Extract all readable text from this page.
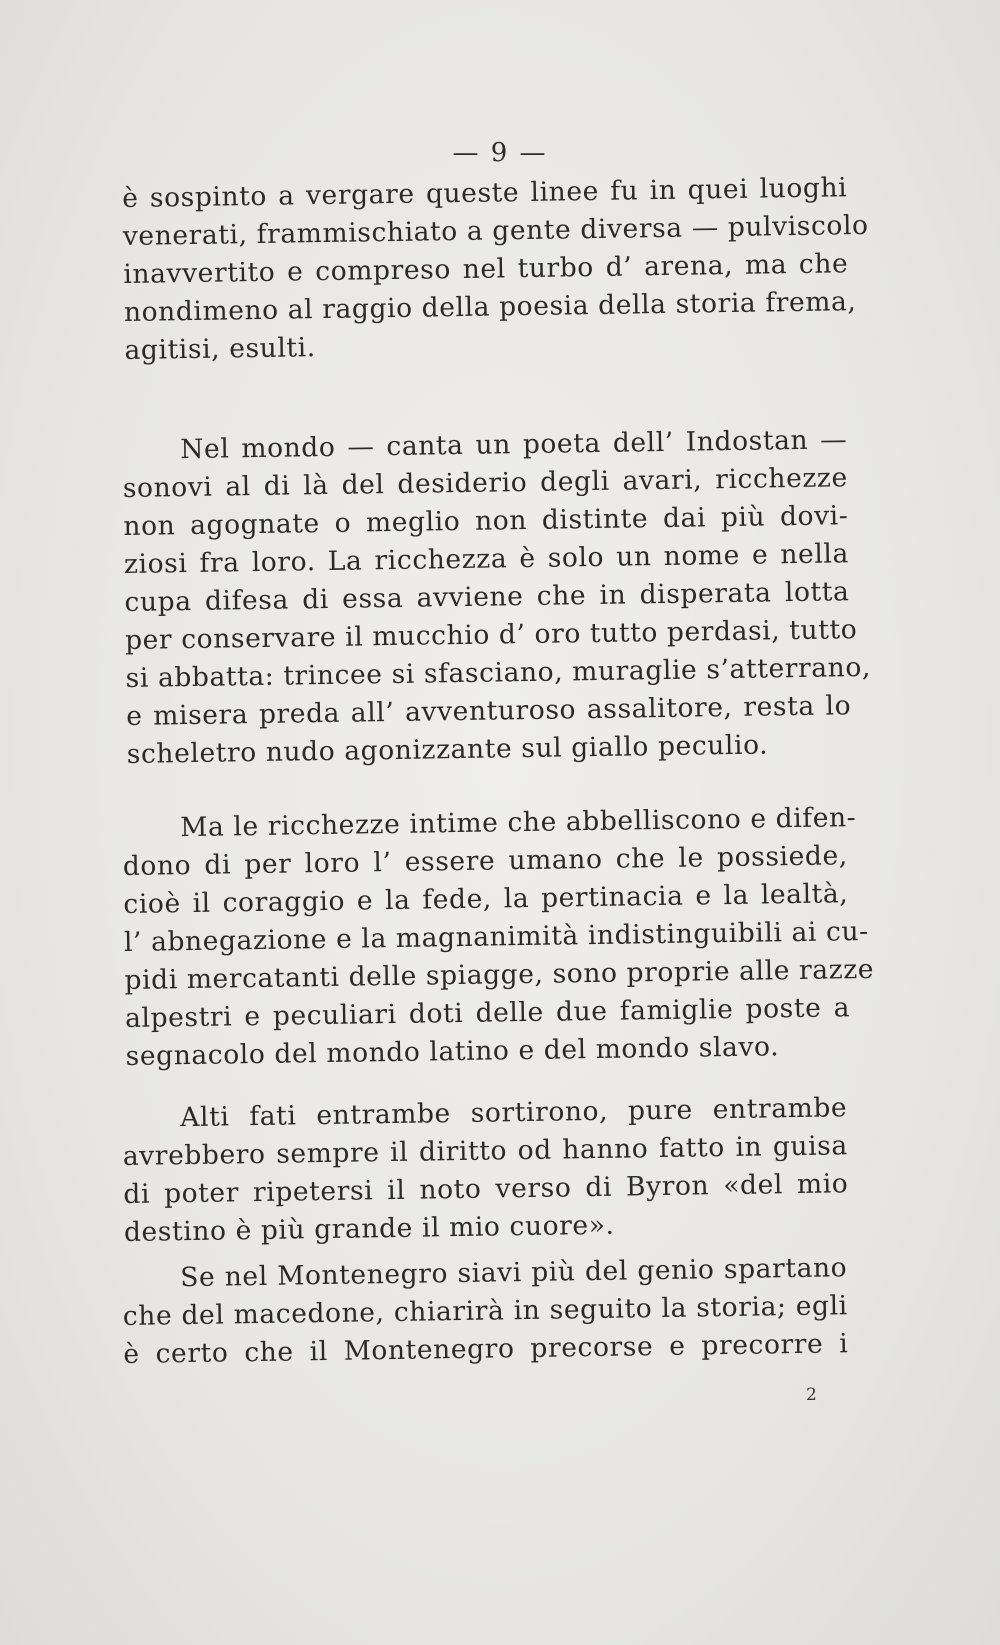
— 9 —
è sospinto a vergare queste linee fu in quei luoghi
venerati, frammischiato a gente diversa — pulviscolo
inavvertito e compreso nel turbo d’ arena, ma che
nondimeno al raggio della poesia della storia frema,
agitisi, esulti.
Nel mondo — canta un poeta dell’ Indostan —
sonovi al di là del desiderio degli avari, ricchezze
non agognate o meglio non distinte dai più dovi-
ziosi fra loro. La ricchezza è solo un nome e nella
cupa difesa di essa avviene che in disperata lotta
per conservare il mucchio d’ oro tutto perdasi, tutto
si abbatta: trincee si sfasciano, muraglie s’atterrano,
e misera preda all’ avventuroso assalitore, resta lo
scheletro nudo agonizzante sul giallo peculio.
Ma le ricchezze intime che abbelliscono e difen-
dono di per loro l’ essere umano che le possiede,
cioè il coraggio e la fede, la pertinacia e la lealtà,
l’ abnegazione e la magnanimità indistinguibili ai cu-
pidi mercatanti delle spiagge, sono proprie alle razze
alpestri e peculiari doti delle due famiglie poste a
segnacolo del mondo latino e del mondo slavo.
Alti fati entrambe sortirono, pure entrambe
avrebbero sempre il diritto od hanno fatto in guisa
di poter ripetersi il noto verso di Byron «del mio
destino è più grande il mio cuore».
Se nel Montenegro siavi più del genio spartano
che del macedone, chiarirà in seguito la storia; egli
è certo che il Montenegro precorse e precorre i
2
